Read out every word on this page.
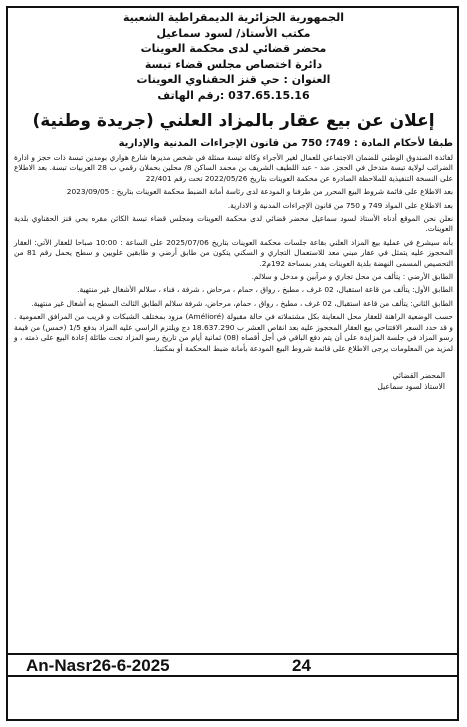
الجمهورية الجزائرية الديمقراطية الشعبية
مكتب الأستاذ/ لسود سماعيل
محضر قضائي لدى محكمة العوينات
دائرة اختصاص مجلس قضاء تبسة
العنوان : حي قنز الحقناوي العوينات
رقم الهاتف: 037.65.15.16
إعلان عن بيع عقار بالمزاد العلني (جريدة وطنية)
طبقا لأحكام المادة : 749؛ 750 من قانون الإجراءات المدنية والإدارية

لفائدة الصندوق الوطني للضمان الاجتماعي للعمال لغير الأجراء وكالة تبسة ممثلة في شخص مديرها شارع هواري بومدين تبسة ذات حجز و ادارة الضرائب لولاية تبسة متدخل في الحجز. ضد - عبد اللطيف الشريف بن محمد الساكن 8/ محلين بحملان رقمي ب 28 العربيات تبسة. بعد الاطلاع على النسخة التنفيذية للملاحظة الصادرة عن محكمة العوينات بتاريخ 2022/05/26 تحت رقم 22/401

بعد الاطلاع على قائمة شروط البيع المحرر من طرفنا و المودعة لدى رئاسة أمانة الضبط محكمة العوينات بتاريخ : 2023/09/05

بعد الاطلاع على المواد 749 و 750 من قانون الإجراءات المدنية و الادارية.

نعلن نحن الموقع أدناه الأستاذ لسود سماعيل محضر قضائي لدى محكمة العوينات ومجلس قضاء تبسة الكائن مقره بحي قنز الحقناوي بلدية العوينات.

بأنه سيشرع في عملية بيع المزاد العلني بقاعة جلسات محكمة العوينات بتاريخ 2025/07/06 على الساعة : 10:00 صباحا للعقار الآتي: العقار المحجوز عليه يتمثل في عقار مبني معد للاستعمال التجاري و السكني يتكون من طابق أرضي و طابقين علويين و سطح يحمل رقم 81 من التحصيص المسمى النهضة بلدية العوينات يقدر بمساحة 192م2.

الطابق الأرضي : يتألف من محل تجاري و مرآبين و مدخل و سلالم.

الطابق الأول: يتألف من قاعة استقبال، 02 غرف ، مطبخ ، رواق ، حمام ، مرحاض ، شرفة ، فناء ، سلالم الأشغال غير منتهية.

الطابق الثاني: يتألف من قاعة استقبال، 02 غرف ، مطبخ ، رواق ، حمام، مرحاض، شرفة سلالم الطابق الثالث السطح به أشغال غير منتهية.

حسب الوضعية الراهنة للعقار محل المعاينة بكل مشتملاته في حالة مقبولة (Amélioré) مزود بمختلف الشبكات و قريب من المرافق العمومية . و قد حدد السعر الافتتاحي بيع العقار المحجوز عليه بعد انقاص العشر ب 18.637.290 دج ويلتزم الراسي عليه المزاد بدفع 1/5 (خمس) من قيمة رسو المزاد في جلسة المزايدة على أن يتم دفع الباقي في أجل أقصاه (08) ثمانية أيام من تاريخ رسو المزاد تحت طائلة إعادة البيع على ذمته ، و لمزيد من المعلومات يرجى الاطلاع على قائمة شروط البيع المودعة بأمانة ضبط المحكمة أو بمكتبنا.

المحضر القضائي
الاستاذ لسود سماعيل
An-Nasr26-6-2025	24
